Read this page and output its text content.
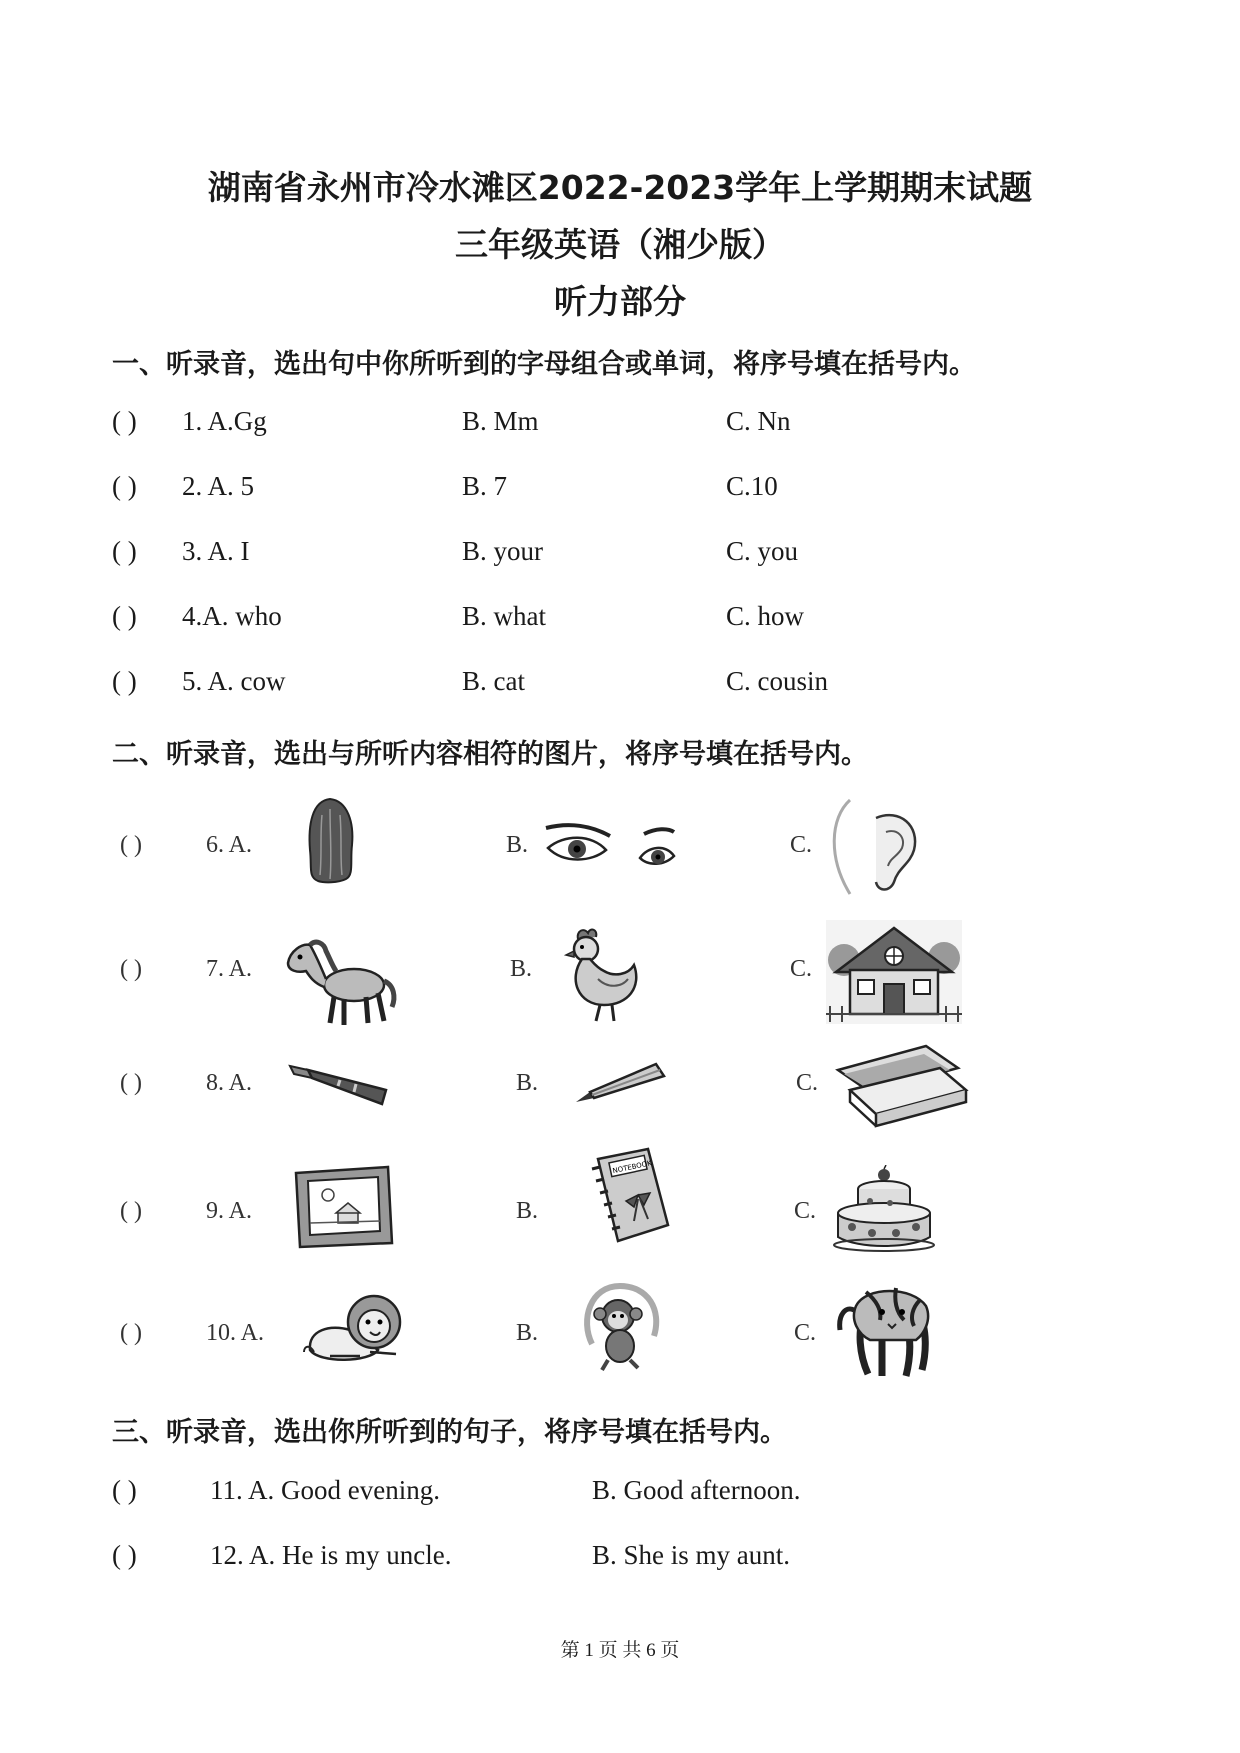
湖南省永州市冷水滩区2022-2023学年上学期期末试题
三年级英语（湘少版）
听力部分
一、听录音，选出句中你所听到的字母组合或单词，将序号填在括号内。
( ) 1. A.Gg	B. Mm	C. Nn
( ) 2. A. 5	B. 7	C.10
( ) 3. A. I	B. your	C. you
( ) 4.A. who	B. what	C. how
( ) 5. A. cow	B. cat	C. cousin
二、听录音，选出与所听内容相符的图片，将序号填在括号内。
( )	6. A.	B.	C.
( )	7. A.	B.	C.
( )	8. A.	B.	C.
( )	9. A.	B.	C.
NOTEBOOK
( )	10. A.	B.	C.
三、听录音，选出你所听到的句子，将序号填在括号内。
( )	11. A. Good evening.	B. Good afternoon.
( )	12. A. He is my uncle.	B. She is my aunt.
第 1 页 共 6 页
